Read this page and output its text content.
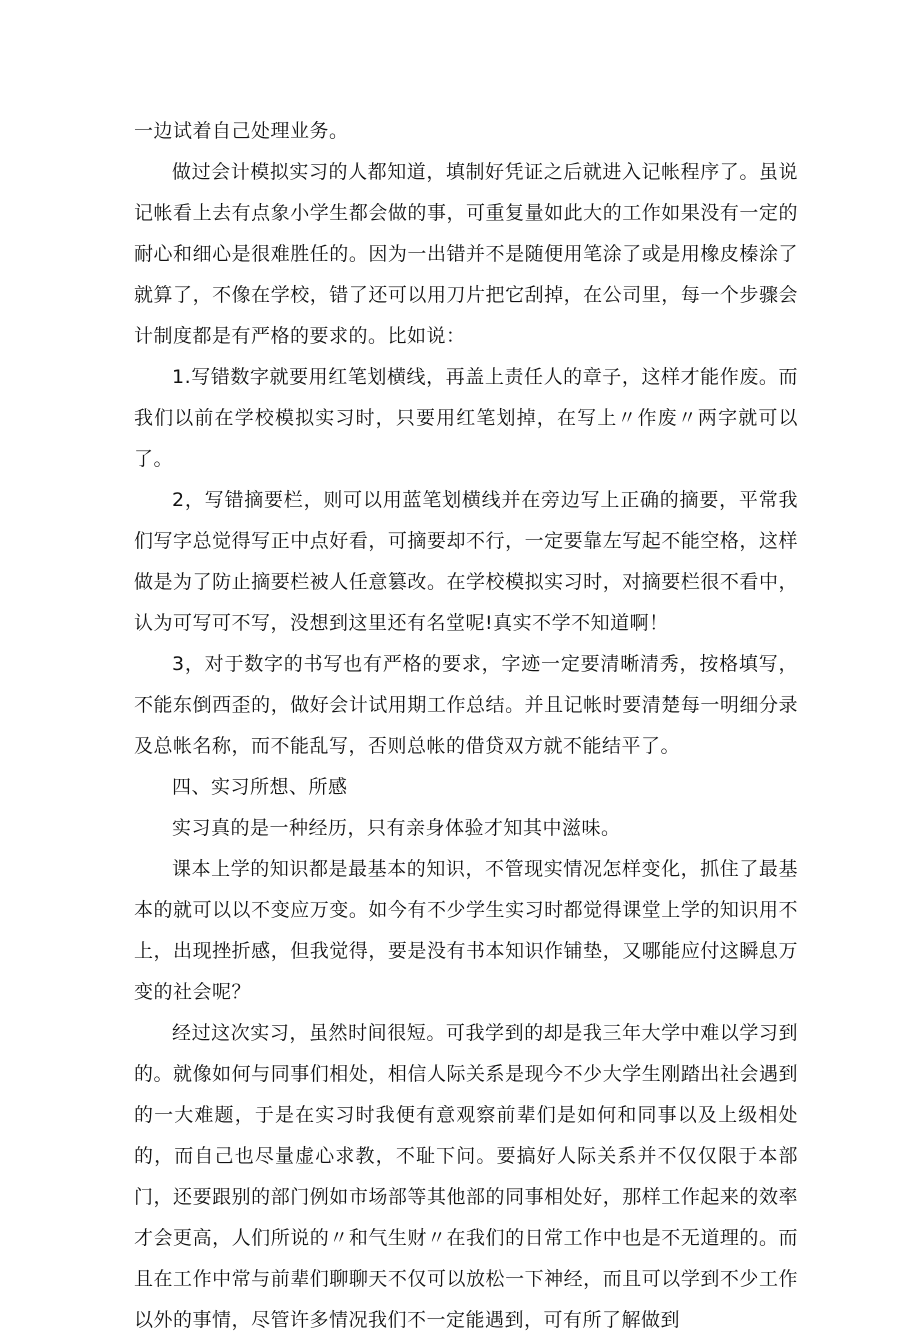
一边试着自己处理业务。

做过会计模拟实习的人都知道，填制好凭证之后就进入记帐程序了。虽说记帐看上去有点象小学生都会做的事，可重复量如此大的工作如果没有一定的耐心和细心是很难胜任的。因为一出错并不是随便用笔涂了或是用橡皮榛涂了就算了，不像在学校，错了还可以用刀片把它刮掉，在公司里，每一个步骤会计制度都是有严格的要求的。比如说：

1.写错数字就要用红笔划横线，再盖上责任人的章子，这样才能作废。而我们以前在学校模拟实习时，只要用红笔划掉，在写上〃作废〃两字就可以了。

2，写错摘要栏，则可以用蓝笔划横线并在旁边写上正确的摘要，平常我们写字总觉得写正中点好看，可摘要却不行，一定要靠左写起不能空格，这样做是为了防止摘要栏被人任意篡改。在学校模拟实习时，对摘要栏很不看中，认为可写可不写，没想到这里还有名堂呢!真实不学不知道啊！

3，对于数字的书写也有严格的要求，字迹一定要清晰清秀，按格填写，不能东倒西歪的，做好会计试用期工作总结。并且记帐时要清楚每一明细分录及总帐名称，而不能乱写，否则总帐的借贷双方就不能结平了。

四、实习所想、所感

实习真的是一种经历，只有亲身体验才知其中滋味。

课本上学的知识都是最基本的知识，不管现实情况怎样变化，抓住了最基本的就可以以不变应万变。如今有不少学生实习时都觉得课堂上学的知识用不上，出现挫折感，但我觉得，要是没有书本知识作铺垫，又哪能应付这瞬息万变的社会呢？

经过这次实习，虽然时间很短。可我学到的却是我三年大学中难以学习到的。就像如何与同事们相处，相信人际关系是现今不少大学生刚踏出社会遇到的一大难题，于是在实习时我便有意观察前辈们是如何和同事以及上级相处的，而自己也尽量虚心求教，不耻下问。要搞好人际关系并不仅仅限于本部门，还要跟别的部门例如市场部等其他部的同事相处好，那样工作起来的效率才会更高，人们所说的〃和气生财〃在我们的日常工作中也是不无道理的。而且在工作中常与前辈们聊聊天不仅可以放松一下神经，而且可以学到不少工作以外的事情，尽管许多情况我们不一定能遇到，可有所了解做到
